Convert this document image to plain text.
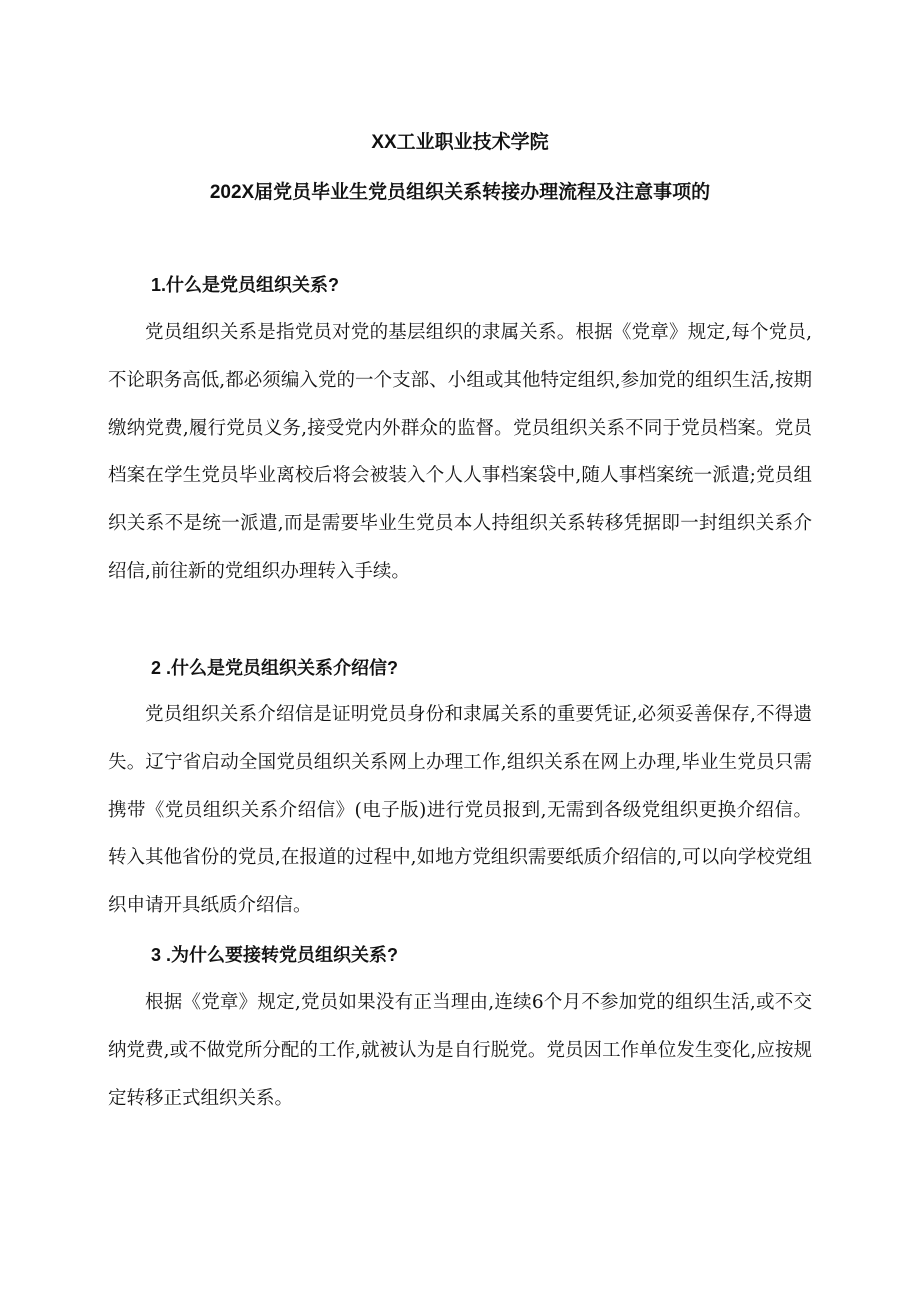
XX工业职业技术学院
202X届党员毕业生党员组织关系转接办理流程及注意事项的
1.什么是党员组织关系?

党员组织关系是指党员对党的基层组织的隶属关系。根据《党章》规定,每个党员,不论职务高低,都必须编入党的一个支部、小组或其他特定组织,参加党的组织生活,按期缴纳党费,履行党员义务,接受党内外群众的监督。党员组织关系不同于党员档案。党员档案在学生党员毕业离校后将会被装入个人人事档案袋中,随人事档案统一派遣;党员组织关系不是统一派遣,而是需要毕业生党员本人持组织关系转移凭据即一封组织关系介绍信,前往新的党组织办理转入手续。

2 .什么是党员组织关系介绍信?

党员组织关系介绍信是证明党员身份和隶属关系的重要凭证,必须妥善保存,不得遗失。辽宁省启动全国党员组织关系网上办理工作,组织关系在网上办理,毕业生党员只需携带《党员组织关系介绍信》(电子版)进行党员报到,无需到各级党组织更换介绍信。转入其他省份的党员,在报道的过程中,如地方党组织需要纸质介绍信的,可以向学校党组织申请开具纸质介绍信。

3 .为什么要接转党员组织关系?

根据《党章》规定,党员如果没有正当理由,连续6个月不参加党的组织生活,或不交纳党费,或不做党所分配的工作,就被认为是自行脱党。党员因工作单位发生变化,应按规定转移正式组织关系。
